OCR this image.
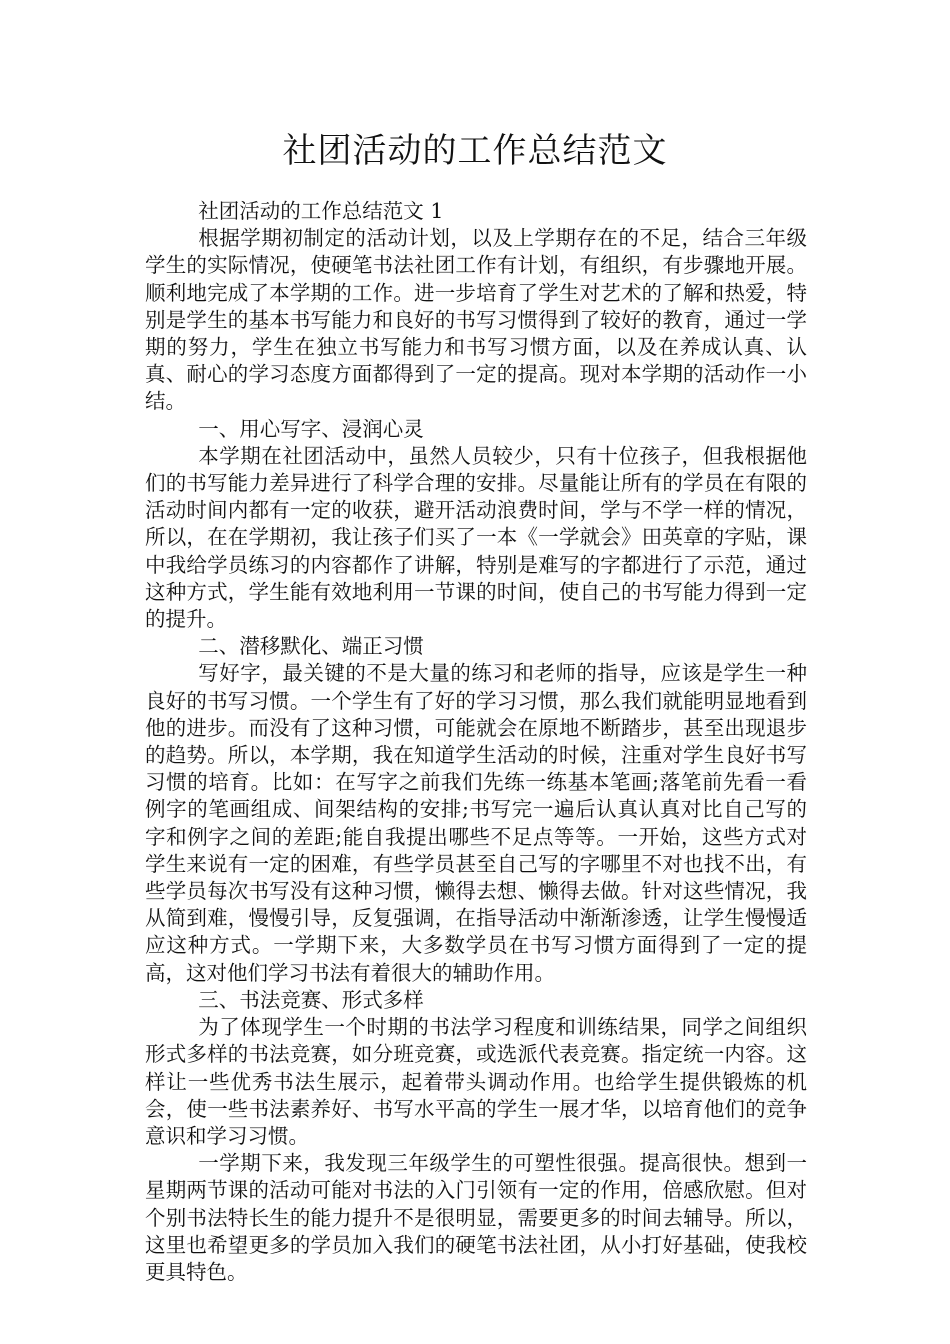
社团活动的工作总结范文

社团活动的工作总结范文 1

根据学期初制定的活动计划，以及上学期存在的不足，结合三年级学生的实际情况，使硬笔书法社团工作有计划，有组织，有步骤地开展。顺利地完成了本学期的工作。进一步培育了学生对艺术的了解和热爱，特别是学生的基本书写能力和良好的书写习惯得到了较好的教育，通过一学期的努力，学生在独立书写能力和书写习惯方面，以及在养成认真、认真、耐心的学习态度方面都得到了一定的提高。现对本学期的活动作一小结。

一、用心写字、浸润心灵

本学期在社团活动中，虽然人员较少，只有十位孩子，但我根据他们的书写能力差异进行了科学合理的安排。尽量能让所有的学员在有限的活动时间内都有一定的收获，避开活动浪费时间，学与不学一样的情况，所以，在在学期初，我让孩子们买了一本《一学就会》田英章的字贴，课中我给学员练习的内容都作了讲解，特别是难写的字都进行了示范，通过这种方式，学生能有效地利用一节课的时间，使自己的书写能力得到一定的提升。

二、潜移默化、端正习惯

写好字，最关键的不是大量的练习和老师的指导，应该是学生一种良好的书写习惯。一个学生有了好的学习习惯，那么我们就能明显地看到他的进步。而没有了这种习惯，可能就会在原地不断踏步，甚至出现退步的趋势。所以，本学期，我在知道学生活动的时候，注重对学生良好书写习惯的培育。比如：在写字之前我们先练一练基本笔画;落笔前先看一看例字的笔画组成、间架结构的安排;书写完一遍后认真认真对比自己写的字和例字之间的差距;能自我提出哪些不足点等等。一开始，这些方式对学生来说有一定的困难，有些学员甚至自己写的字哪里不对也找不出，有些学员每次书写没有这种习惯，懒得去想、懒得去做。针对这些情况，我从简到难，慢慢引导，反复强调，在指导活动中渐渐渗透，让学生慢慢适应这种方式。一学期下来，大多数学员在书写习惯方面得到了一定的提高，这对他们学习书法有着很大的辅助作用。

三、书法竞赛、形式多样

为了体现学生一个时期的书法学习程度和训练结果，同学之间组织形式多样的书法竞赛，如分班竞赛，或选派代表竞赛。指定统一内容。这样让一些优秀书法生展示，起着带头调动作用。也给学生提供锻炼的机会，使一些书法素养好、书写水平高的学生一展才华，以培育他们的竞争意识和学习习惯。

一学期下来，我发现三年级学生的可塑性很强。提高很快。想到一星期两节课的活动可能对书法的入门引领有一定的作用，倍感欣慰。但对个别书法特长生的能力提升不是很明显，需要更多的时间去辅导。所以，这里也希望更多的学员加入我们的硬笔书法社团，从小打好基础，使我校更具特色。
